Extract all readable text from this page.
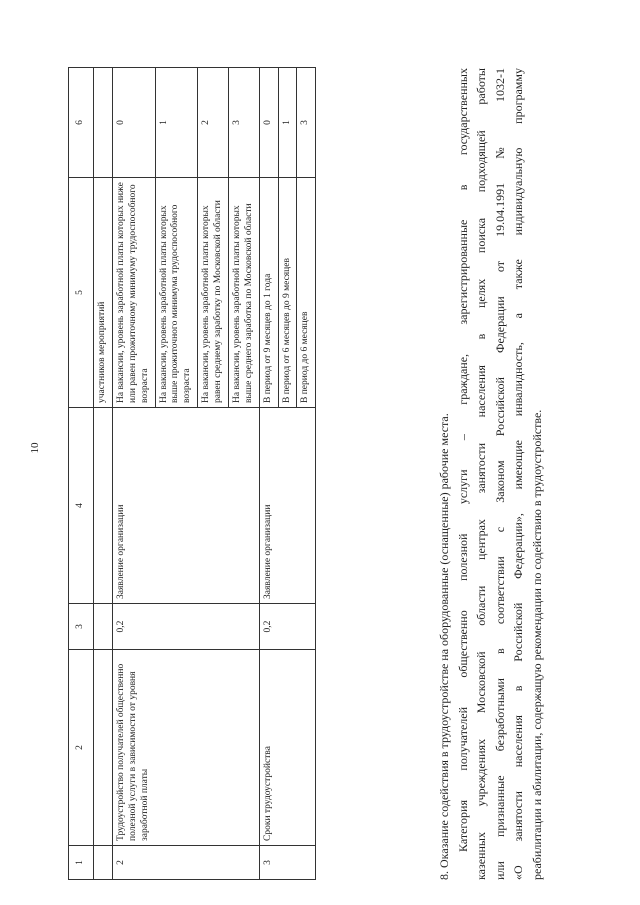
10
1	2	3	4	5	6
				участников мероприятий	
2	Трудоустройство получателей общественно полезной услуги в зависимости от уровня заработной платы	0,2	Заявление организации	На вакансии, уровень заработной платы которых ниже или равен прожиточному минимуму трудоспособного возраста	0
				На вакансии, уровень заработной платы которых выше прожиточного минимума трудоспособного возраста	1
				На вакансии, уровень заработной платы которых равен среднему заработку по Московской области	2
				На вакансии, уровень заработной платы которых выше среднего заработка по Московской области	3
3	Сроки трудоустройства	0,2	Заявление организации	В период от 9 месяцев до 1 года	0
				В период от 6 месяцев до 9 месяцев	1
				В период до 6 месяцев	3

8. Оказание содействия в трудоустройстве на оборудованные (оснащенные) рабочие места. Категория получателей общественно полезной услуги – граждане, зарегистрированные в государственных казенных учреждениях Московской области центрах занятости населения в целях поиска подходящей работы или признанные безработными в соответствии с Законом Российской Федерации от 19.04.1991 № 1032-1 «О занятости населения в Российской Федерации», имеющие инвалидность, а также индивидуальную программу реабилитации и абилитации, содержащую рекомендации по содействию в трудоустройстве.
